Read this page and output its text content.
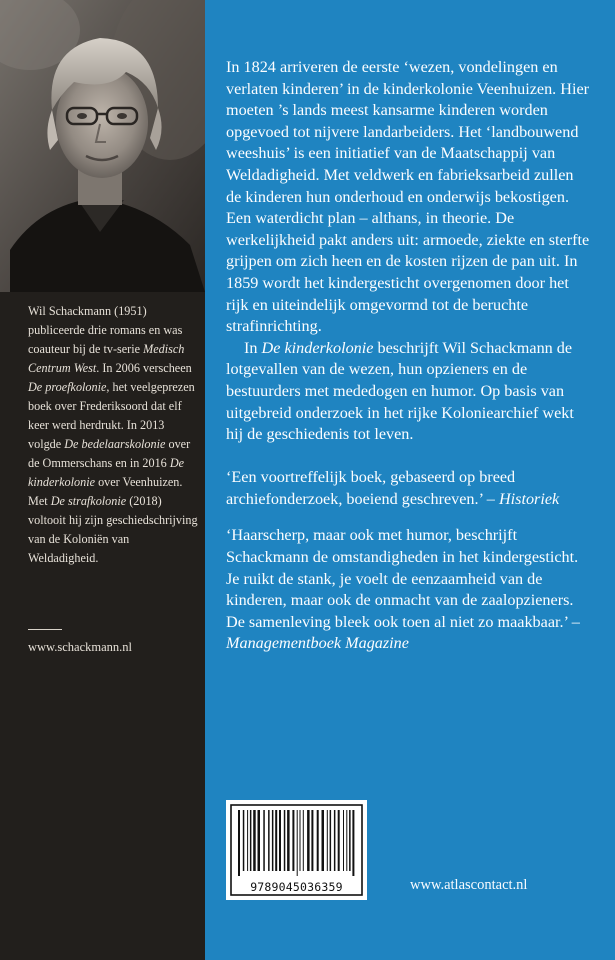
Wil Schackmann (1951) publiceerde drie romans en was coauteur bij de tv-serie Medisch Centrum West. In 2006 verscheen De proefkolonie, het veelgeprezen boek over Frederiksoord dat elf keer werd herdrukt. In 2013 volgde De bedelaarskolonie over de Ommerschans en in 2016 De kinderkolonie over Veenhuizen. Met De strafkolonie (2018) voltooit hij zijn geschiedschrijving van de Koloniën van Weldadigheid.

www.schackmann.nl

In 1824 arriveren de eerste ‘wezen, vondelingen en verlaten kinderen’ in de kinderkolonie Veenhuizen. Hier moeten ’s lands meest kansarme kinderen worden opgevoed tot nijvere landarbeiders. Het ‘landbouwend weeshuis’ is een initiatief van de Maatschappij van Weldadigheid. Met veldwerk en fabrieksarbeid zullen de kinderen hun onderhoud en onderwijs bekostigen. Een waterdicht plan – althans, in theorie. De werkelijkheid pakt anders uit: armoede, ziekte en sterfte grijpen om zich heen en de kosten rijzen de pan uit. In 1859 wordt het kindergesticht overgenomen door het rijk en uiteindelijk omgevormd tot de beruchte strafinrichting.

In De kinderkolonie beschrijft Wil Schackmann de lotgevallen van de wezen, hun opzieners en de bestuurders met mededogen en humor. Op basis van uitgebreid onderzoek in het rijke Koloniearchief wekt hij de geschiedenis tot leven.

‘Een voortreffelijk boek, gebaseerd op breed archiefonderzoek, boeiend geschreven.’ – Historiek

‘Haarscherp, maar ook met humor, beschrijft Schackmann de omstandigheden in het kindergesticht. Je ruikt de stank, je voelt de eenzaamheid van de kinderen, maar ook de onmacht van de zaalopzieners. De samenleving bleek ook toen al niet zo maakbaar.’ – Managementboek Magazine

9789045036359	www.atlascontact.nl
